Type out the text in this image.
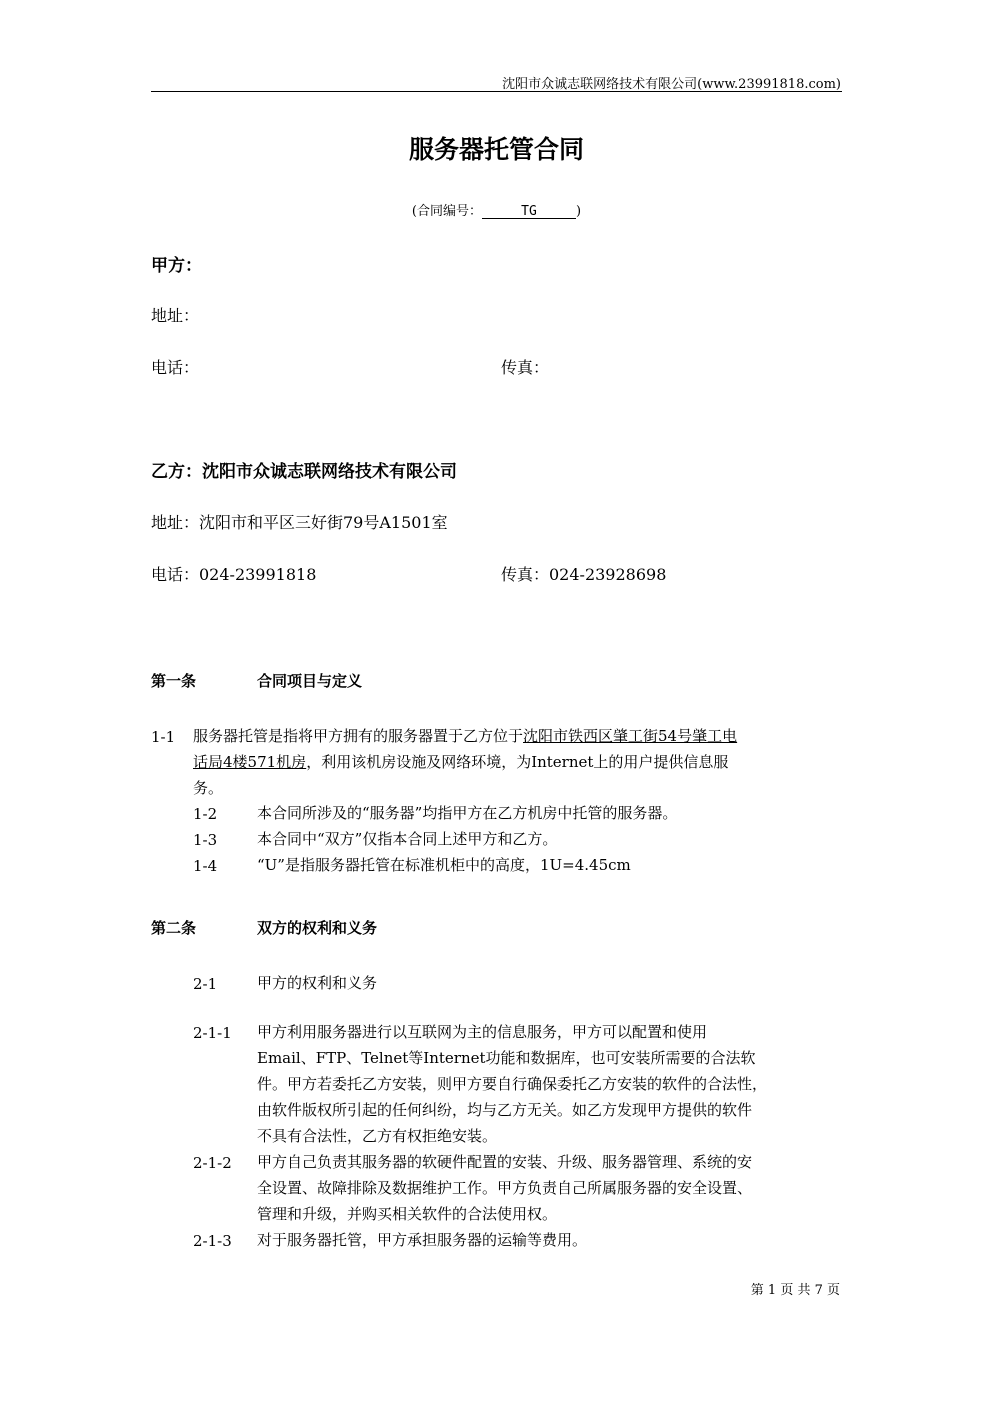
沈阳市众诚志联网络技术有限公司(www.23991818.com)
服务器托管合同
(合同编号：	TG	)
甲方：
地址：
电话：	传真：
乙方：沈阳市众诚志联网络技术有限公司
地址：沈阳市和平区三好街79号A1501室
电话：024-23991818	传真：024-23928698
第一条	合同项目与定义
1-1 服务器托管是指将甲方拥有的服务器置于乙方位于沈阳市铁西区肇工街54号肇工电
话局4楼571机房，利用该机房设施及网络环境，为Internet上的用户提供信息服
务。
1-2	本合同所涉及的“服务器”均指甲方在乙方机房中托管的服务器。
1-3	本合同中“双方”仅指本合同上述甲方和乙方。
1-4	“U”是指服务器托管在标准机柜中的高度，1U=4.45cm
第二条	双方的权利和义务
2-1	甲方的权利和义务
2-1-1 甲方利用服务器进行以互联网为主的信息服务，甲方可以配置和使用
Email、FTP、Telnet等Internet功能和数据库，也可安装所需要的合法软
件。甲方若委托乙方安装，则甲方要自行确保委托乙方安装的软件的合法性，
由软件版权所引起的任何纠纷，均与乙方无关。如乙方发现甲方提供的软件
不具有合法性，乙方有权拒绝安装。
2-1-2 甲方自己负责其服务器的软硬件配置的安装、升级、服务器管理、系统的安
全设置、故障排除及数据维护工作。甲方负责自己所属服务器的安全设置、
管理和升级，并购买相关软件的合法使用权。
2-1-3 对于服务器托管，甲方承担服务器的运输等费用。
第 1 页 共 7 页
